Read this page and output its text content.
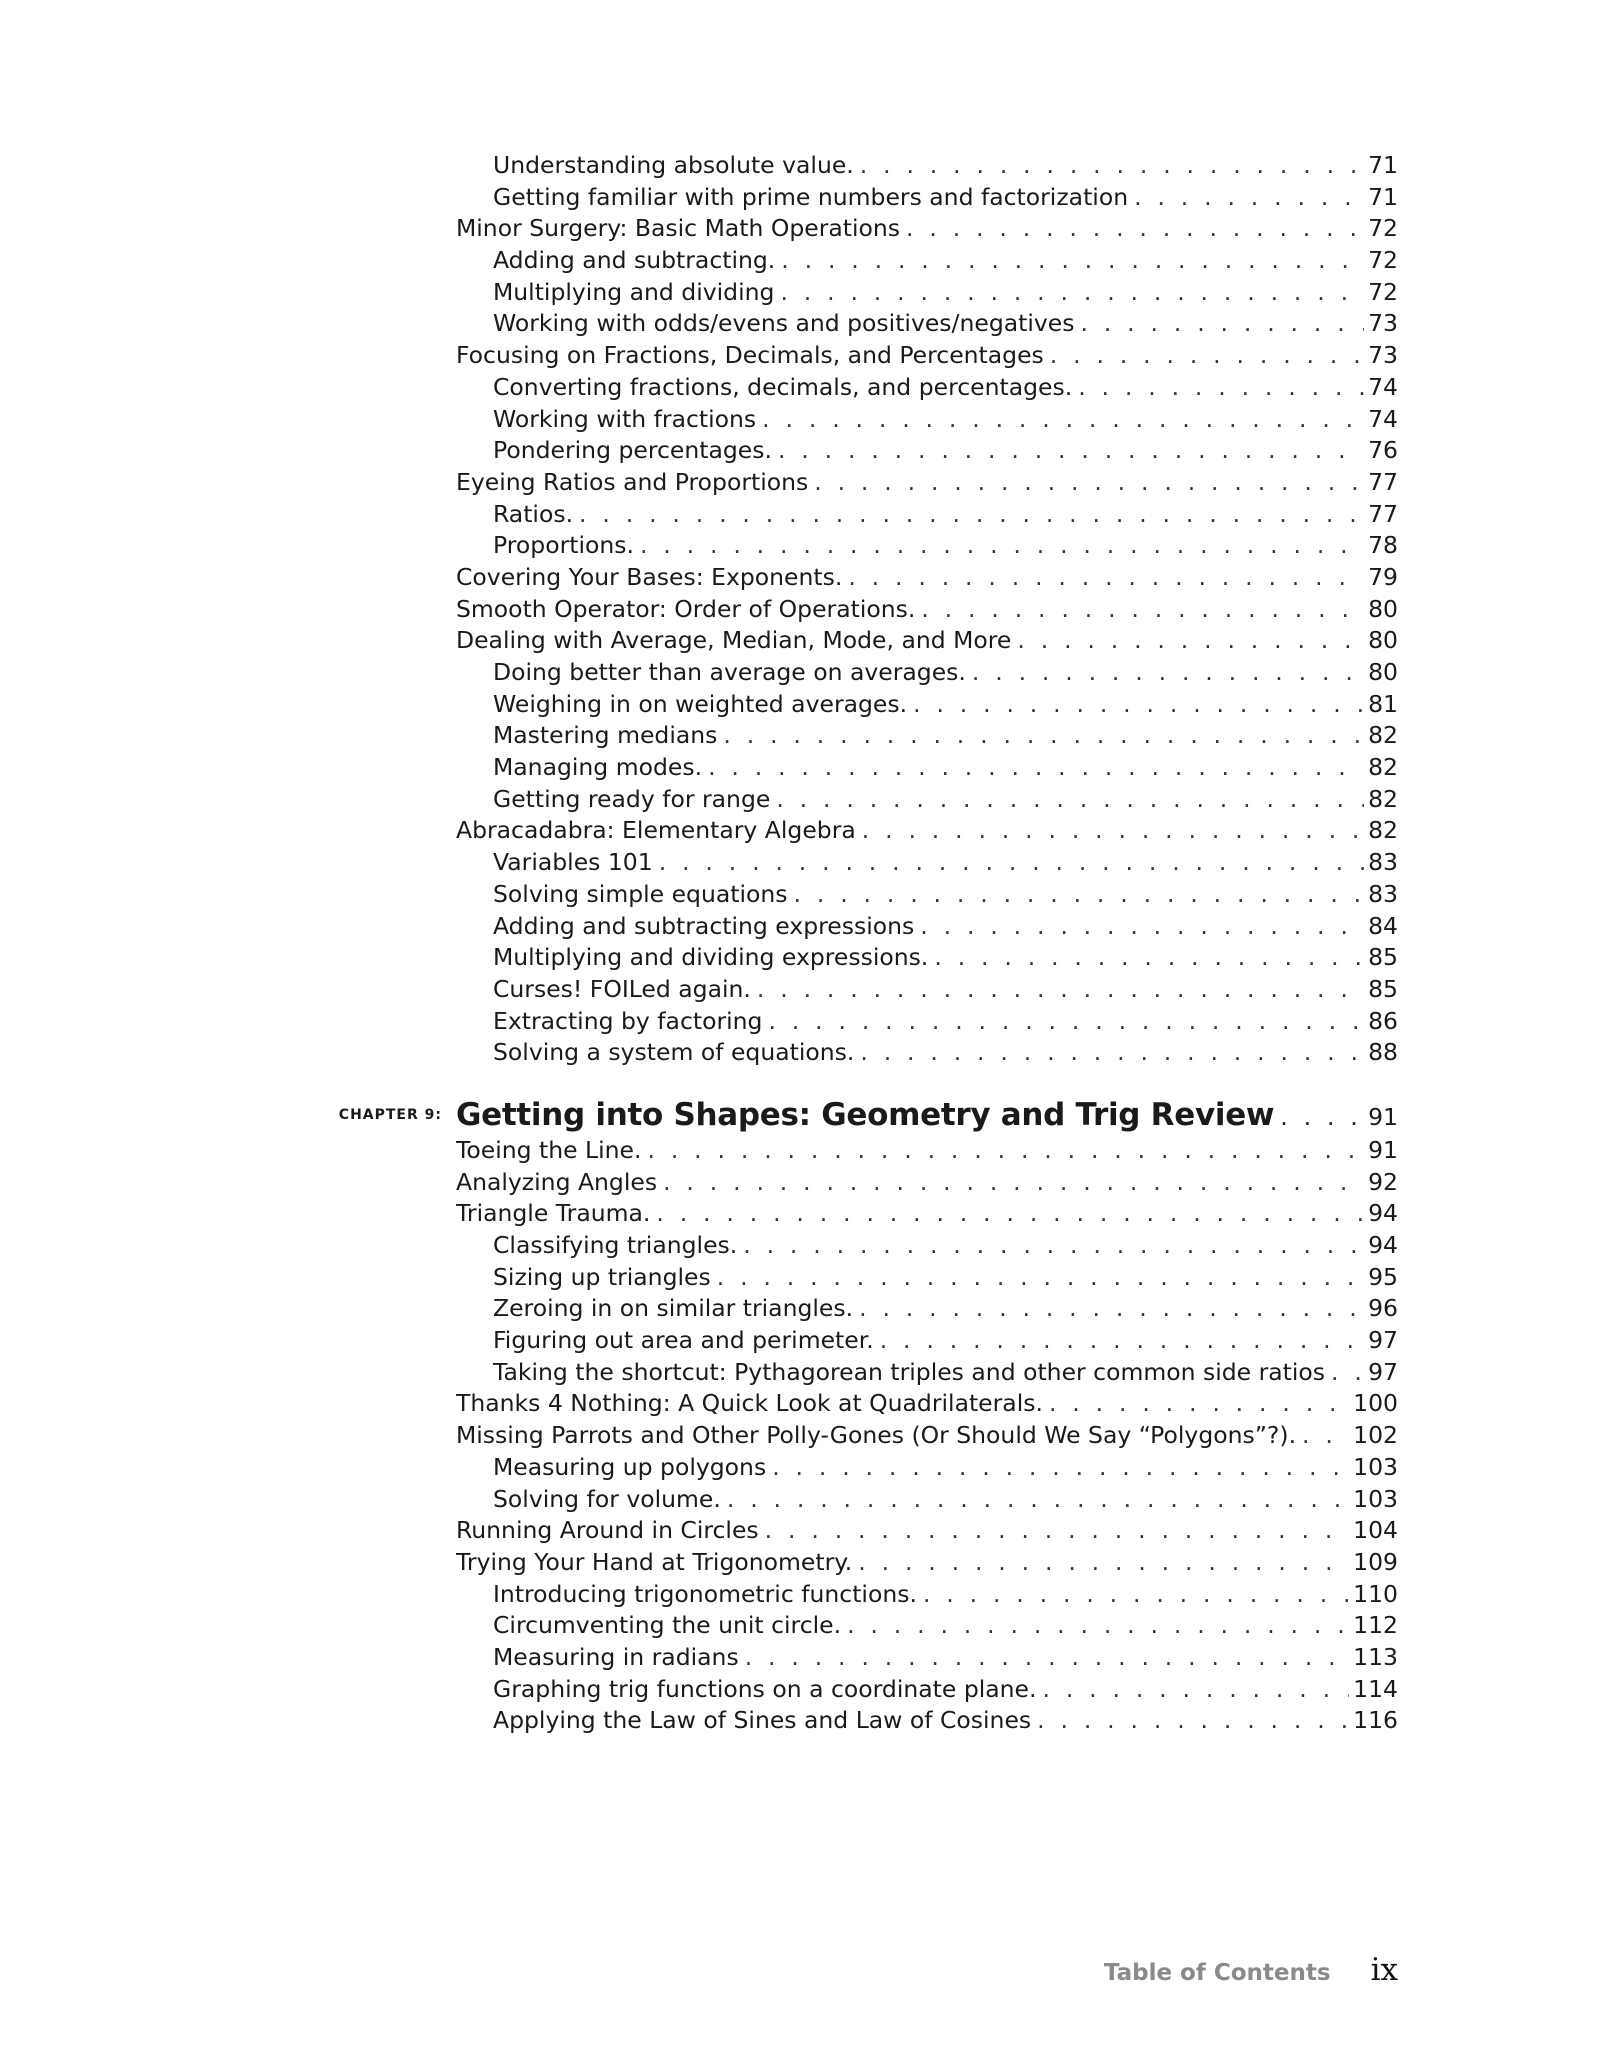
Understanding absolute value. . . .	71
Getting familiar with prime numbers and factorization . . .	71
Minor Surgery: Basic Math Operations . . .	72
Adding and subtracting. . . .	72
Multiplying and dividing . . .	72
Working with odds/evens and positives/negatives . . .	73
Focusing on Fractions, Decimals, and Percentages . . .	73
Converting fractions, decimals, and percentages. . . .	74
Working with fractions . . .	74
Pondering percentages. . . .	76
Eyeing Ratios and Proportions . . .	77
Ratios. . . .	77
Proportions. . . .	78
Covering Your Bases: Exponents. . . .	79
Smooth Operator: Order of Operations. . . .	80
Dealing with Average, Median, Mode, and More . . .	80
Doing better than average on averages. . . .	80
Weighing in on weighted averages. . . .	81
Mastering medians . . .	82
Managing modes. . . .	82
Getting ready for range . . .	82
Abracadabra: Elementary Algebra . . .	82
Variables 101 . . .	83
Solving simple equations . . .	83
Adding and subtracting expressions . . .	84
Multiplying and dividing expressions. . . .	85
Curses! FOILed again. . . .	85
Extracting by factoring . . .	86
Solving a system of equations. . . .	88
CHAPTER 9: Getting into Shapes: Geometry and Trig Review . . .	91
Toeing the Line. . . .	91
Analyzing Angles . . .	92
Triangle Trauma. . . .	94
Classifying triangles. . . .	94
Sizing up triangles . . .	95
Zeroing in on similar triangles. . . .	96
Figuring out area and perimeter. . . .	97
Taking the shortcut: Pythagorean triples and other common side ratios . . . 97
Thanks 4 Nothing: A Quick Look at Quadrilaterals. . . .	100
Missing Parrots and Other Polly-Gones (Or Should We Say “Polygons”?). . . . 102
Measuring up polygons . . .	103
Solving for volume. . . .	103
Running Around in Circles . . .	104
Trying Your Hand at Trigonometry. . . .	109
Introducing trigonometric functions. . . .	110
Circumventing the unit circle. . . .	112
Measuring in radians . . .	113
Graphing trig functions on a coordinate plane. . . .	114
Applying the Law of Sines and Law of Cosines . . .	116
Table of Contents ix
